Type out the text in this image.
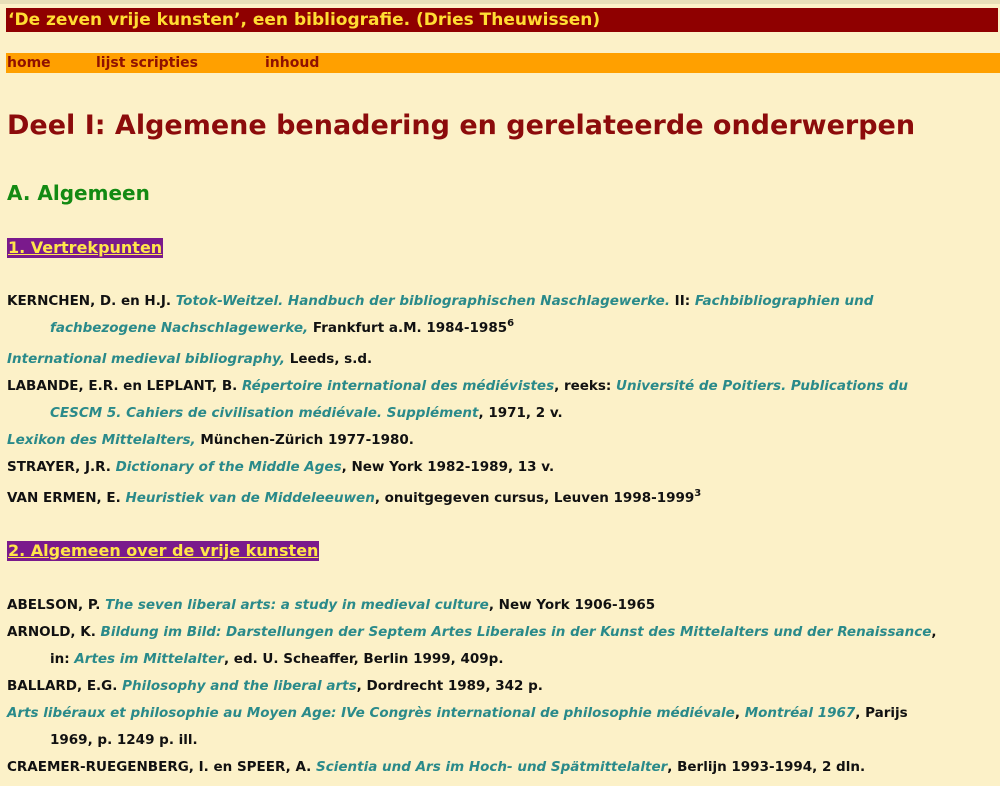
‘De zeven vrije kunsten’, een bibliografie. (Dries Theuwissen)
home	lijst scripties	inhoud
Deel I: Algemene benadering en gerelateerde onderwerpen
A. Algemeen
1. Vertrekpunten
KERNCHEN, D. en H.J. Totok-Weitzel. Handbuch der bibliographischen Naschlagewerke. II: Fachbibliographien und
fachbezogene Nachschlagewerke, Frankfurt a.M. 1984-1985$^6$
International medieval bibliography, Leeds, s.d.
LABANDE, E.R. en LEPLANT, B. Répertoire international des médiévistes, reeks: Université de Poitiers. Publications du
CESCM 5. Cahiers de civilisation médiévale. Supplément, 1971, 2 v.
Lexikon des Mittelalters, München-Zürich 1977-1980.
STRAYER, J.R. Dictionary of the Middle Ages, New York 1982-1989, 13 v.
VAN ERMEN, E. Heuristiek van de Middeleeuwen, onuitgegeven cursus, Leuven 1998-1999$^3$
2. Algemeen over de vrije kunsten
ABELSON, P. The seven liberal arts: a study in medieval culture, New York 1906-1965
ARNOLD, K. Bildung im Bild: Darstellungen der Septem Artes Liberales in der Kunst des Mittelalters und der Renaissance,
in: Artes im Mittelalter, ed. U. Scheaffer, Berlin 1999, 409p.
BALLARD, E.G. Philosophy and the liberal arts, Dordrecht 1989, 342 p.
Arts libéraux et philosophie au Moyen Age: IVe Congrès international de philosophie médiévale, Montréal 1967, Parijs
1969, p. 1249 p. ill.
CRAEMER-RUEGENBERG, I. en SPEER, A. Scientia und Ars im Hoch- und Spätmittelalter, Berlijn 1993-1994, 2 dln.
